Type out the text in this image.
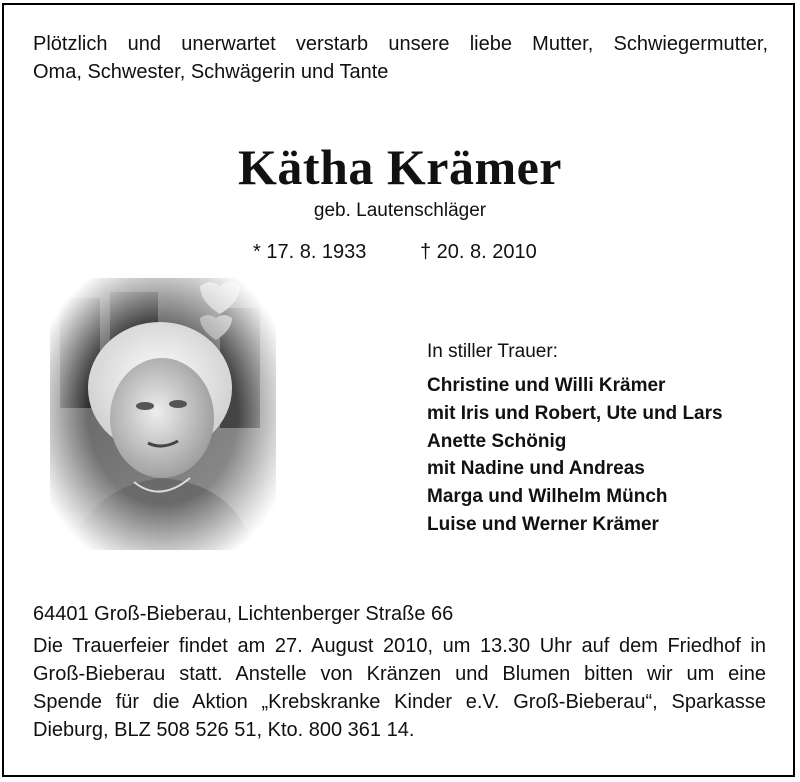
Plötzlich und unerwartet verstarb unsere liebe Mutter, Schwiegermutter,
Oma, Schwester, Schwägerin und Tante
Kätha Krämer
geb. Lautenschläger
* 17. 8. 1933	† 20. 8. 2010
In stiller Trauer:
Christine und Willi Krämer
mit Iris und Robert, Ute und Lars
Anette Schönig
mit Nadine und Andreas
Marga und Wilhelm Münch
Luise und Werner Krämer
64401 Groß-Bieberau, Lichtenberger Straße 66
Die Trauerfeier findet am 27. August 2010, um 13.30 Uhr auf dem Friedhof in
Groß-Bieberau statt. Anstelle von Kränzen und Blumen bitten wir um eine
Spende für die Aktion „Krebskranke Kinder e.V. Groß-Bieberau“, Sparkasse
Dieburg, BLZ 508 526 51, Kto. 800 361 14.
